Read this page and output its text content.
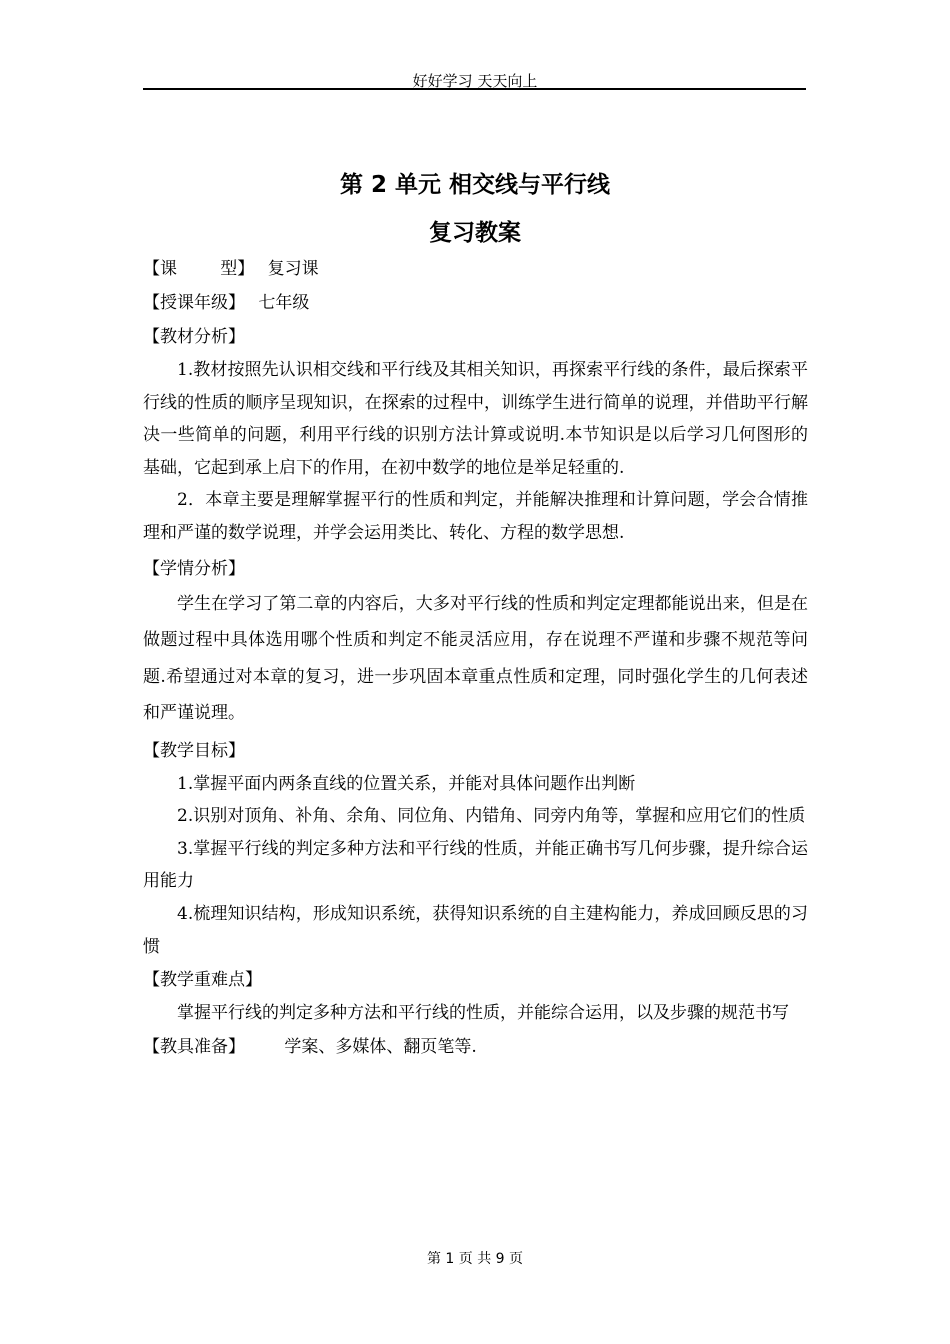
好好学习 天天向上
第 2 单元 相交线与平行线
复习教案
【课        型】 复习课
【授课年级】 七年级
【教材分析】

1.教材按照先认识相交线和平行线及其相关知识，再探索平行线的条件，最后探索平行线的性质的顺序呈现知识，在探索的过程中，训练学生进行简单的说理，并借助平行解决一些简单的问题，利用平行线的识别方法计算或说明.本节知识是以后学习几何图形的基础，它起到承上启下的作用，在初中数学的地位是举足轻重的.

2．本章主要是理解掌握平行的性质和判定，并能解决推理和计算问题，学会合情推理和严谨的数学说理，并学会运用类比、转化、方程的数学思想.

【学情分析】

学生在学习了第二章的内容后，大多对平行线的性质和判定定理都能说出来，但是在做题过程中具体选用哪个性质和判定不能灵活应用，存在说理不严谨和步骤不规范等问题.希望通过对本章的复习，进一步巩固本章重点性质和定理，同时强化学生的几何表述和严谨说理。

【教学目标】

1.掌握平面内两条直线的位置关系，并能对具体问题作出判断

2.识别对顶角、补角、余角、同位角、内错角、同旁内角等，掌握和应用它们的性质

3.掌握平行线的判定多种方法和平行线的性质，并能正确书写几何步骤，提升综合运用能力

4.梳理知识结构，形成知识系统，获得知识系统的自主建构能力，养成回顾反思的习惯

【教学重难点】

掌握平行线的判定多种方法和平行线的性质，并能综合运用，以及步骤的规范书写

【教具准备】 学案、多媒体、翻页笔等.
第 1 页 共 9 页
